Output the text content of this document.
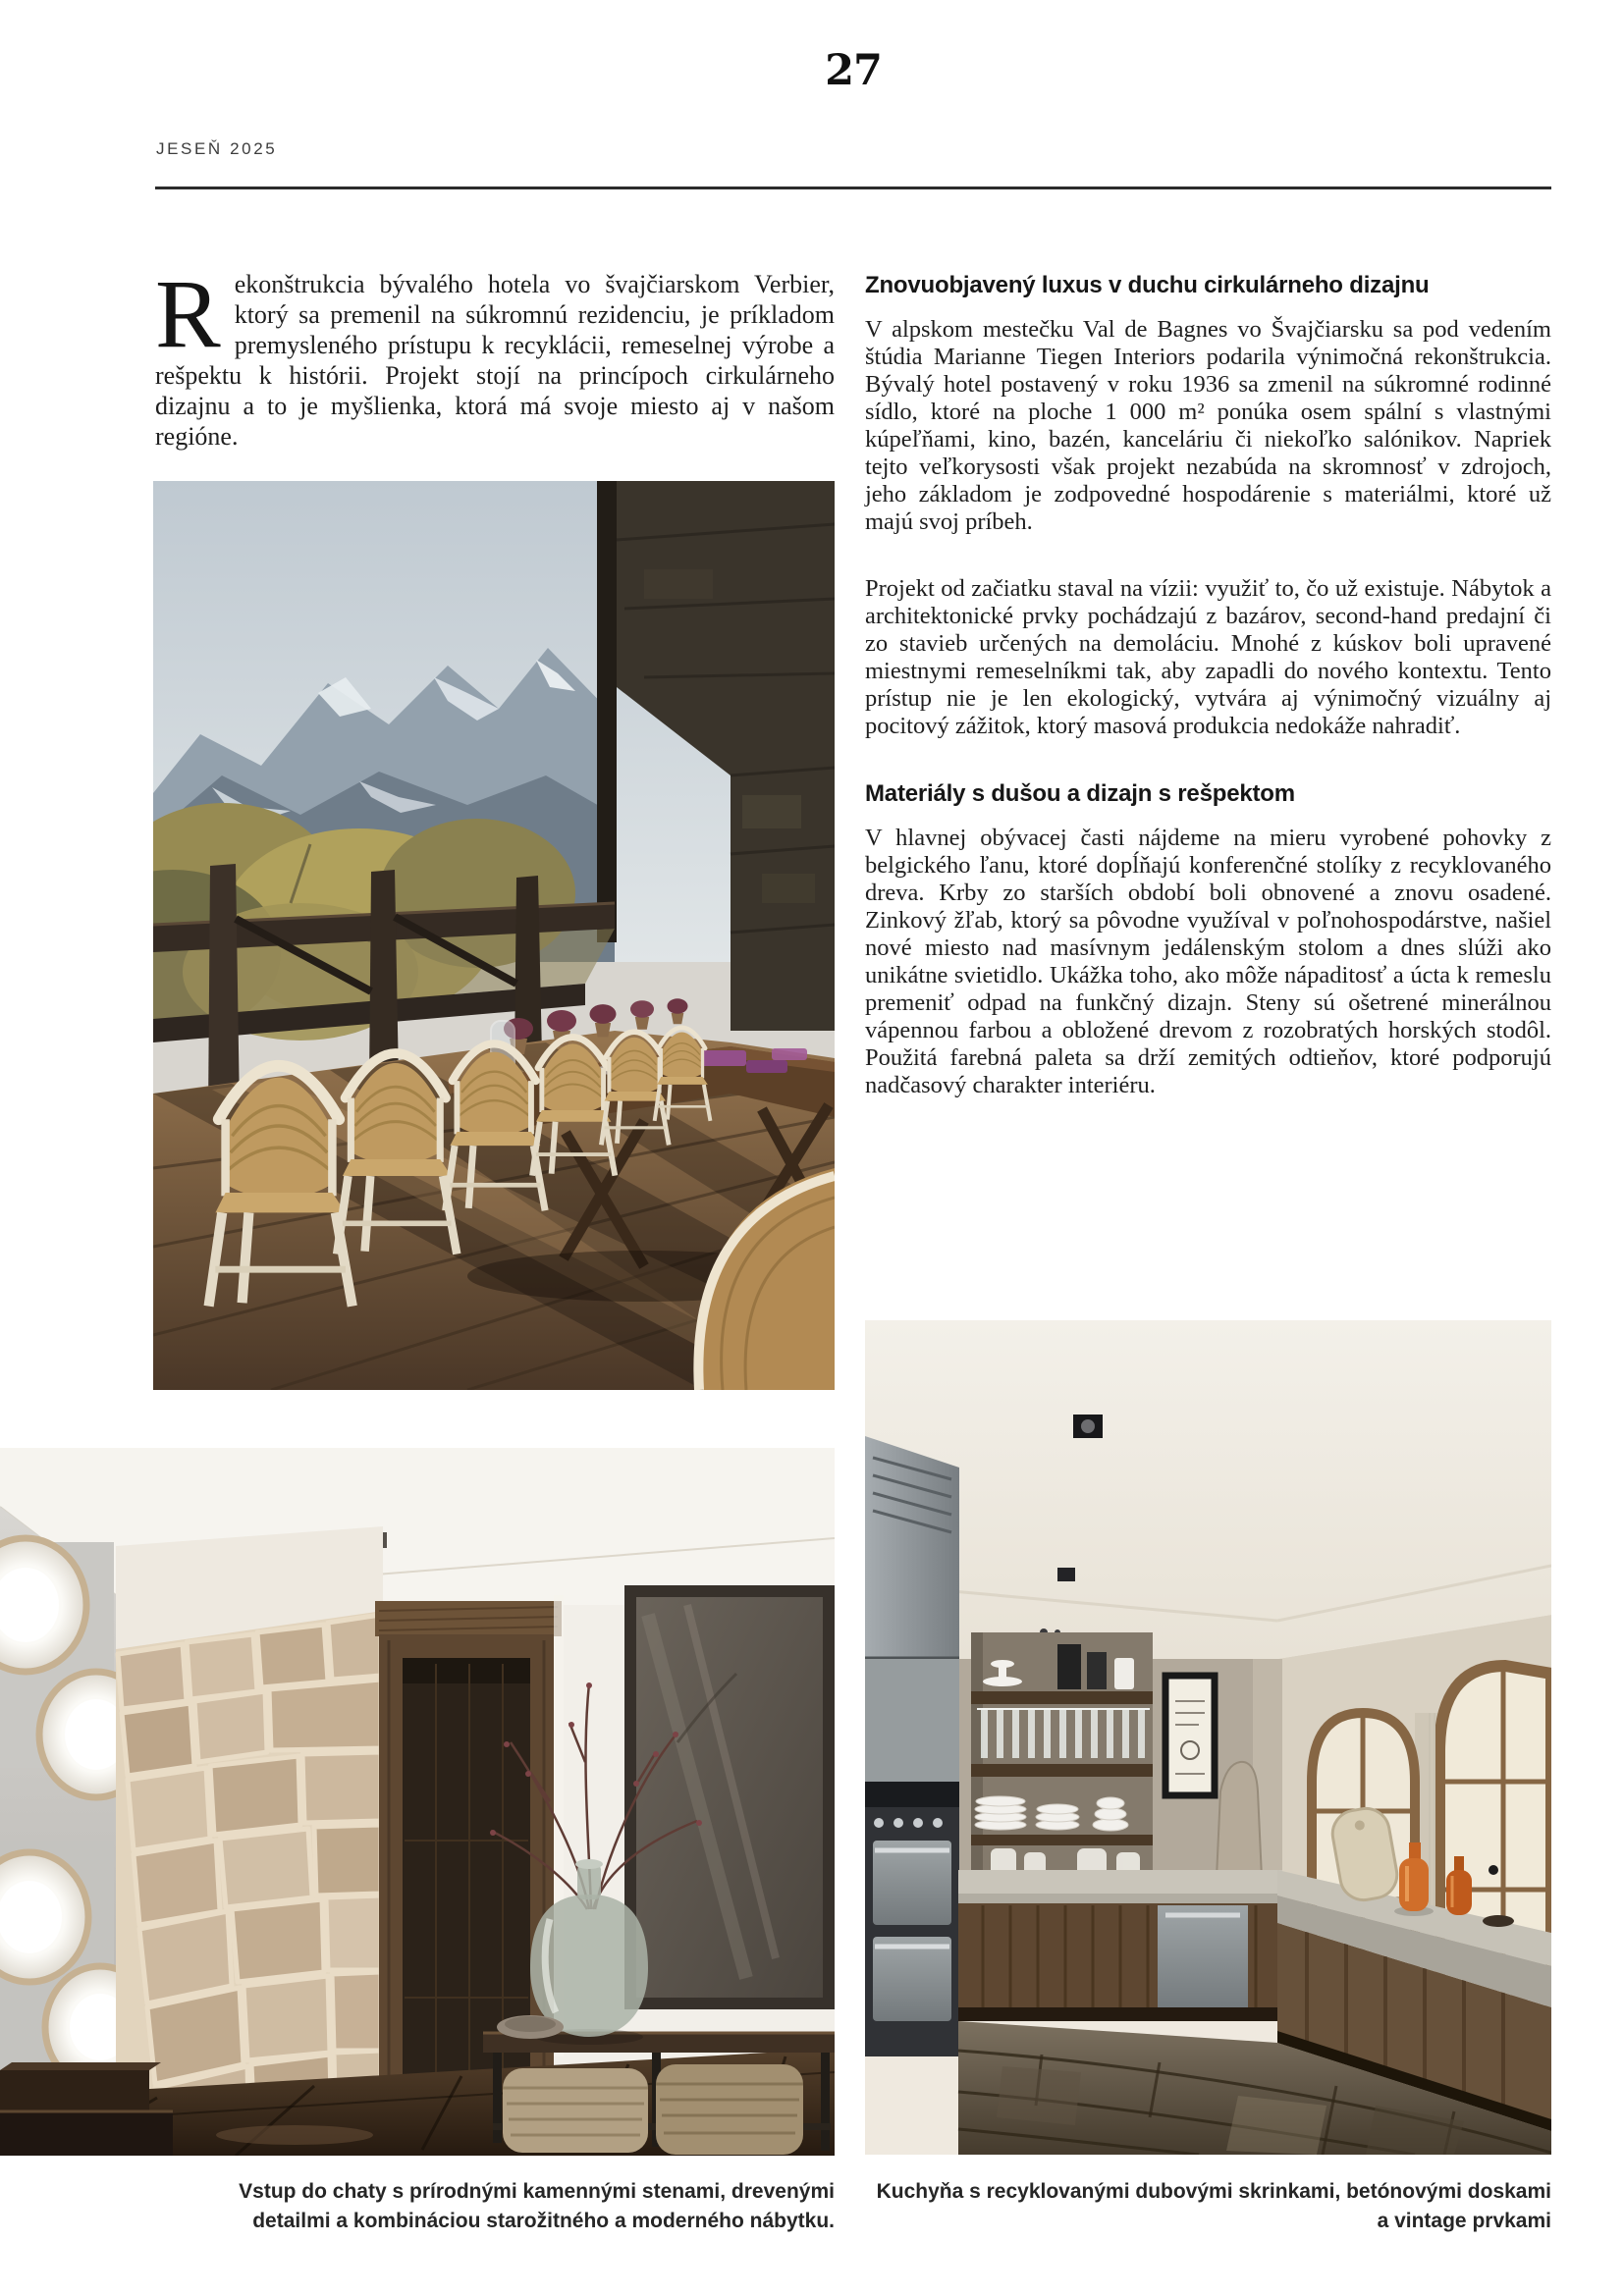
27
JESEŇ 2025

Rekonštrukcia bývalého hotela vo švajčiarskom Verbier, ktorý sa premenil na súkromnú rezidenciu, je príkladom premysleného prístupu k recyklácii, remeselnej výrobe a rešpektu k histórii. Projekt stojí na princípoch cirkulárneho dizajnu a to je myšlienka, ktorá má svoje miesto aj v našom regióne.

Znovuobjavený luxus v duchu cirkulárneho dizajnu

V alpskom mestečku Val de Bagnes vo Švajčiarsku sa pod vedením štúdia Marianne Tiegen Interiors podarila výnimočná rekonštrukcia. Bývalý hotel postavený v roku 1936 sa zmenil na súkromné rodinné sídlo, ktoré na ploche 1 000 m² ponúka osem spální s vlastnými kúpeľňami, kino, bazén, kanceláriu či niekoľko salónikov. Napriek tejto veľkorysosti však projekt nezabúda na skromnosť v zdrojoch, jeho základom je zodpovedné hospodárenie s materiálmi, ktoré už majú svoj príbeh.

Projekt od začiatku staval na vízii: využiť to, čo už existuje. Nábytok a architektonické prvky pochádzajú z bazárov, second-hand predajní či zo stavieb určených na demoláciu. Mnohé z kúskov boli upravené miestnymi remeselníkmi tak, aby zapadli do nového kontextu. Tento prístup nie je len ekologický, vytvára aj výnimočný vizuálny aj pocitový zážitok, ktorý masová produkcia nedokáže nahradiť.

Materiály s dušou a dizajn s rešpektom

V hlavnej obývacej časti nájdeme na mieru vyrobené pohovky z belgického ľanu, ktoré dopĺňajú konferenčné stolíky z recyklovaného dreva. Krby zo starších období boli obnovené a znovu osadené. Zinkový žľab, ktorý sa pôvodne využíval v poľnohospodárstve, našiel nové miesto nad masívnym jedálenským stolom a dnes slúži ako unikátne svietidlo. Ukážka toho, ako môže nápaditosť a úcta k remeslu premeniť odpad na funkčný dizajn. Steny sú ošetrené minerálnou vápennou farbou a obložené drevom z rozobratých horských stodôl. Použitá farebná paleta sa drží zemitých odtieňov, ktoré podporujú nadčasový charakter interiéru.

Vstup do chaty s prírodnými kamennými stenami, drevenými detailmi a kombináciou starožitného a moderného nábytku.
Kuchyňa s recyklovanými dubovými skrinkami, betónovými doskami a vintage prvkami
